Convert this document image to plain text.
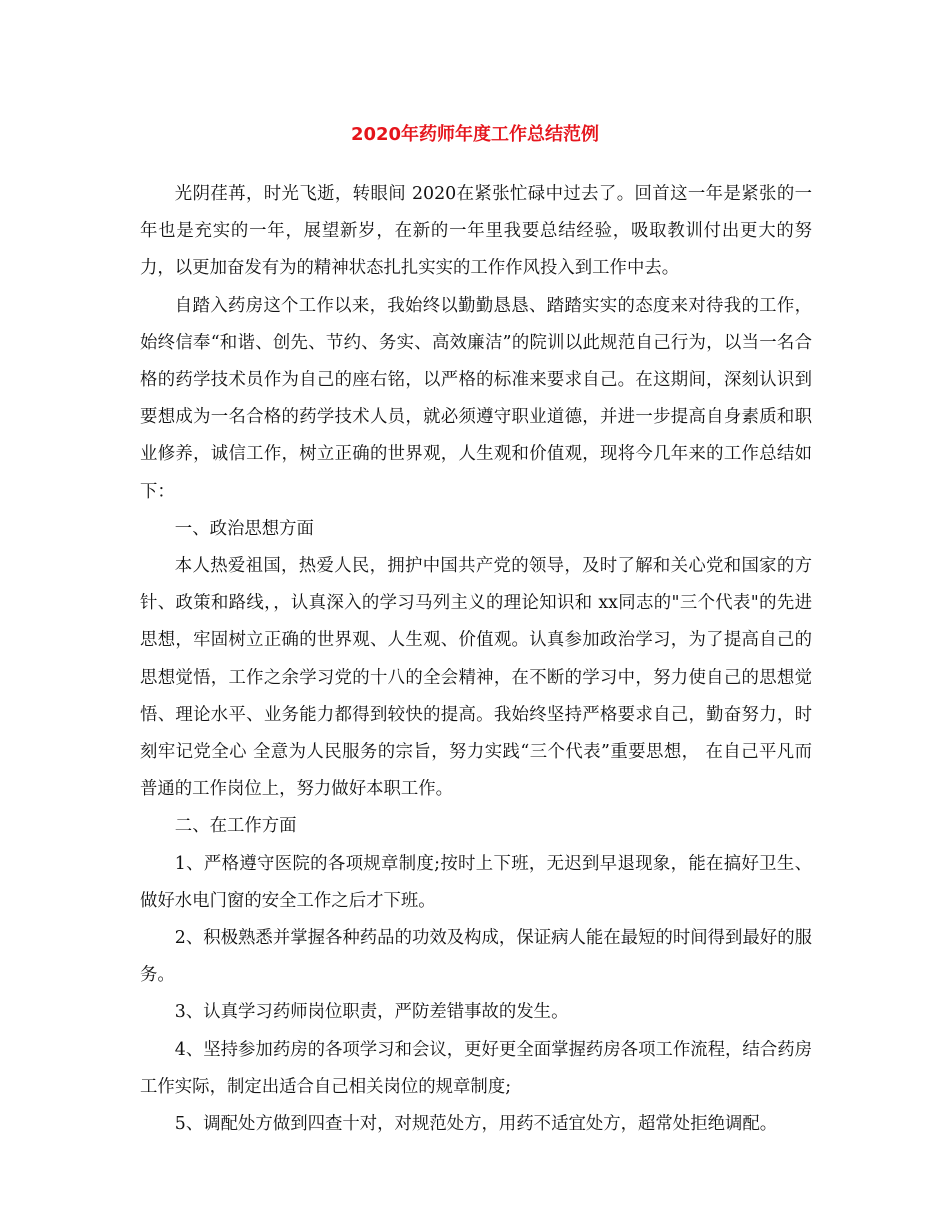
2020年药师年度工作总结范例

光阴荏苒，时光飞逝，转眼间 2020在紧张忙碌中过去了。回首这一年是紧张的一年也是充实的一年，展望新岁，在新的一年里我要总结经验，吸取教训付出更大的努力，以更加奋发有为的精神状态扎扎实实的工作作风投入到工作中去。

自踏入药房这个工作以来，我始终以勤勤恳恳、踏踏实实的态度来对待我的工作，始终信奉“和谐、创先、节约、务实、高效廉洁”的院训以此规范自己行为，以当一名合格的药学技术员作为自己的座右铭，以严格的标准来要求自己。在这期间，深刻认识到要想成为一名合格的药学技术人员，就必须遵守职业道德，并进一步提高自身素质和职业修养，诚信工作，树立正确的世界观，人生观和价值观，现将今几年来的工作总结如下：

一、政治思想方面

本人热爱祖国，热爱人民，拥护中国共产党的领导，及时了解和关心党和国家的方针、政策和路线，，认真深入的学习马列主义的理论知识和 xx同志的"三个代表"的先进思想，牢固树立正确的世界观、人生观、价值观。认真参加政治学习，为了提高自己的思想觉悟，工作之余学习党的十八的全会精神，在不断的学习中，努力使自己的思想觉悟、理论水平、业务能力都得到较快的提高。我始终坚持严格要求自己，勤奋努力，时刻牢记党全心 全意为人民服务的宗旨，努力实践“三个代表”重要思想， 在自己平凡而普通的工作岗位上，努力做好本职工作。

二、在工作方面

1、严格遵守医院的各项规章制度;按时上下班，无迟到早退现象，能在搞好卫生、做好水电门窗的安全工作之后才下班。

2、积极熟悉并掌握各种药品的功效及构成，保证病人能在最短的时间得到最好的服务。

3、认真学习药师岗位职责，严防差错事故的发生。

4、坚持参加药房的各项学习和会议，更好更全面掌握药房各项工作流程，结合药房工作实际，制定出适合自己相关岗位的规章制度;

5、调配处方做到四查十对，对规范处方，用药不适宜处方，超常处拒绝调配。
